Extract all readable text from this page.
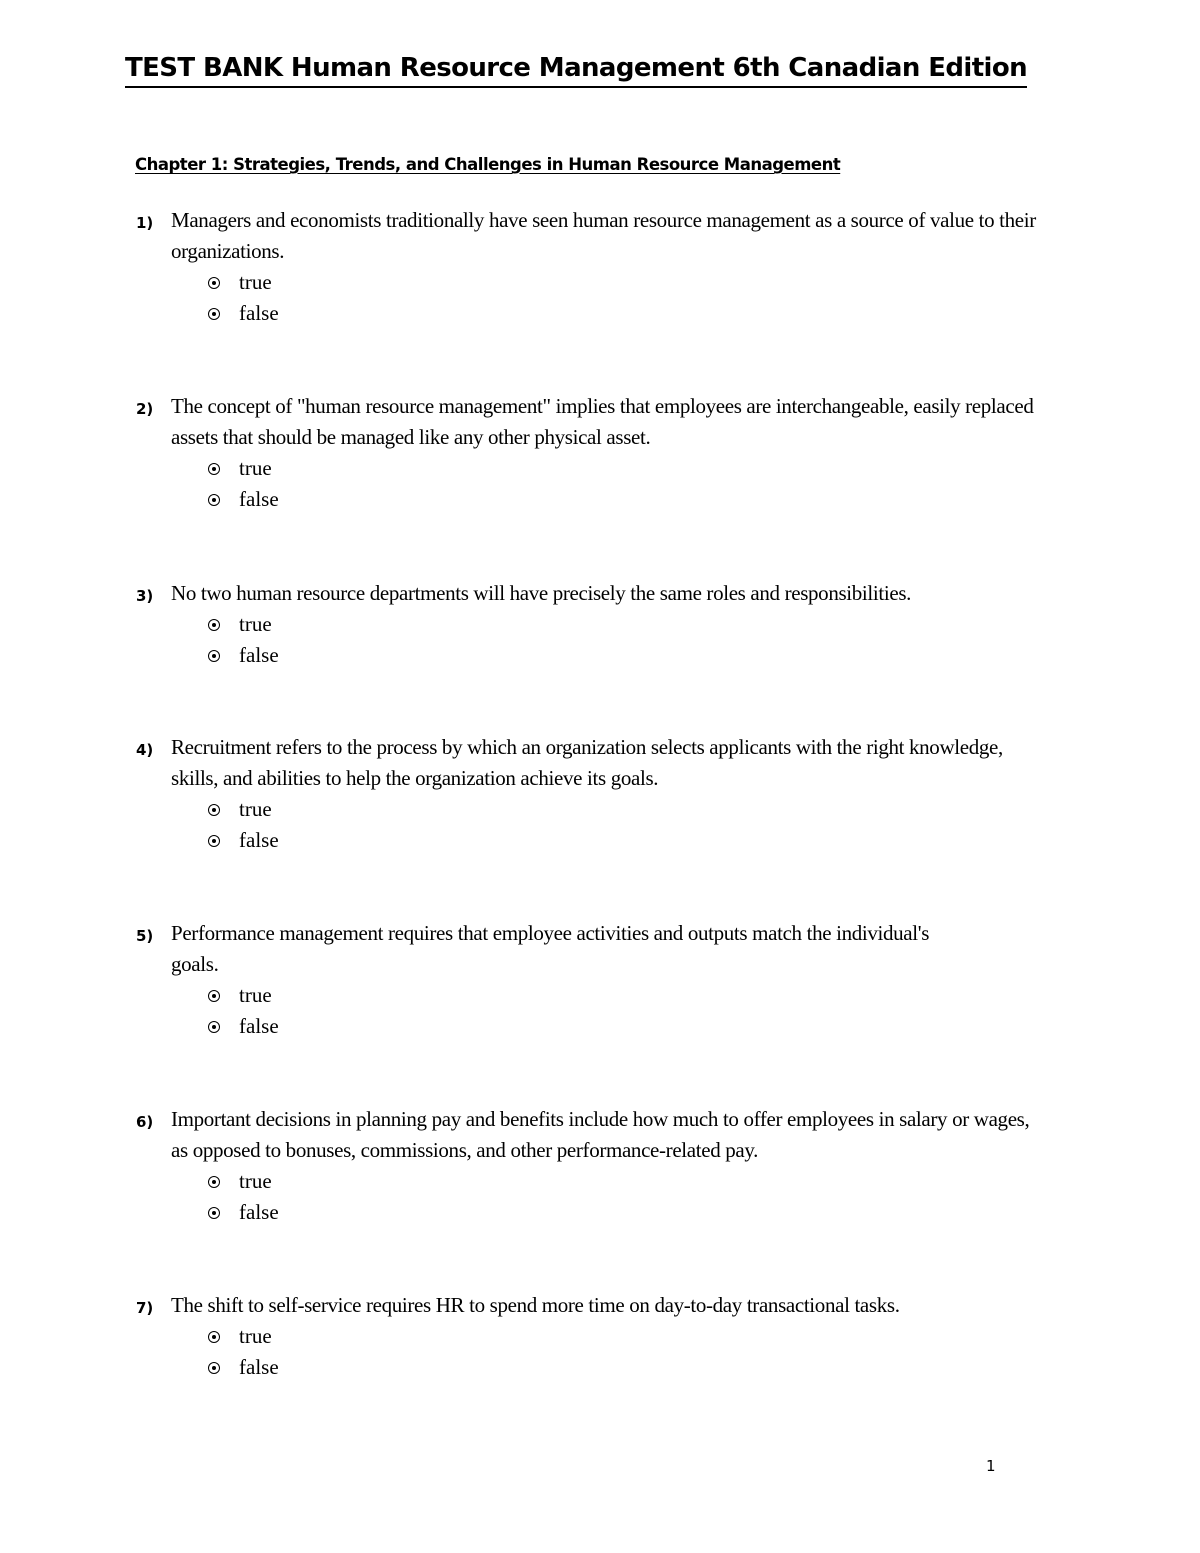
TEST BANK Human Resource Management 6th Canadian Edition
Chapter 1: Strategies, Trends, and Challenges in Human Resource Management
1) Managers and economists traditionally have seen human resource management as a source of value to their organizations.
true
false
2) The concept of "human resource management" implies that employees are interchangeable, easily replaced assets that should be managed like any other physical asset.
true
false
3) No two human resource departments will have precisely the same roles and responsibilities.
true
false
4) Recruitment refers to the process by which an organization selects applicants with the right knowledge, skills, and abilities to help the organization achieve its goals.
true
false
5) Performance management requires that employee activities and outputs match the individual's goals.
true
false
6) Important decisions in planning pay and benefits include how much to offer employees in salary or wages, as opposed to bonuses, commissions, and other performance-related pay.
true
false
7) The shift to self-service requires HR to spend more time on day-to-day transactional tasks.
true
false
1
